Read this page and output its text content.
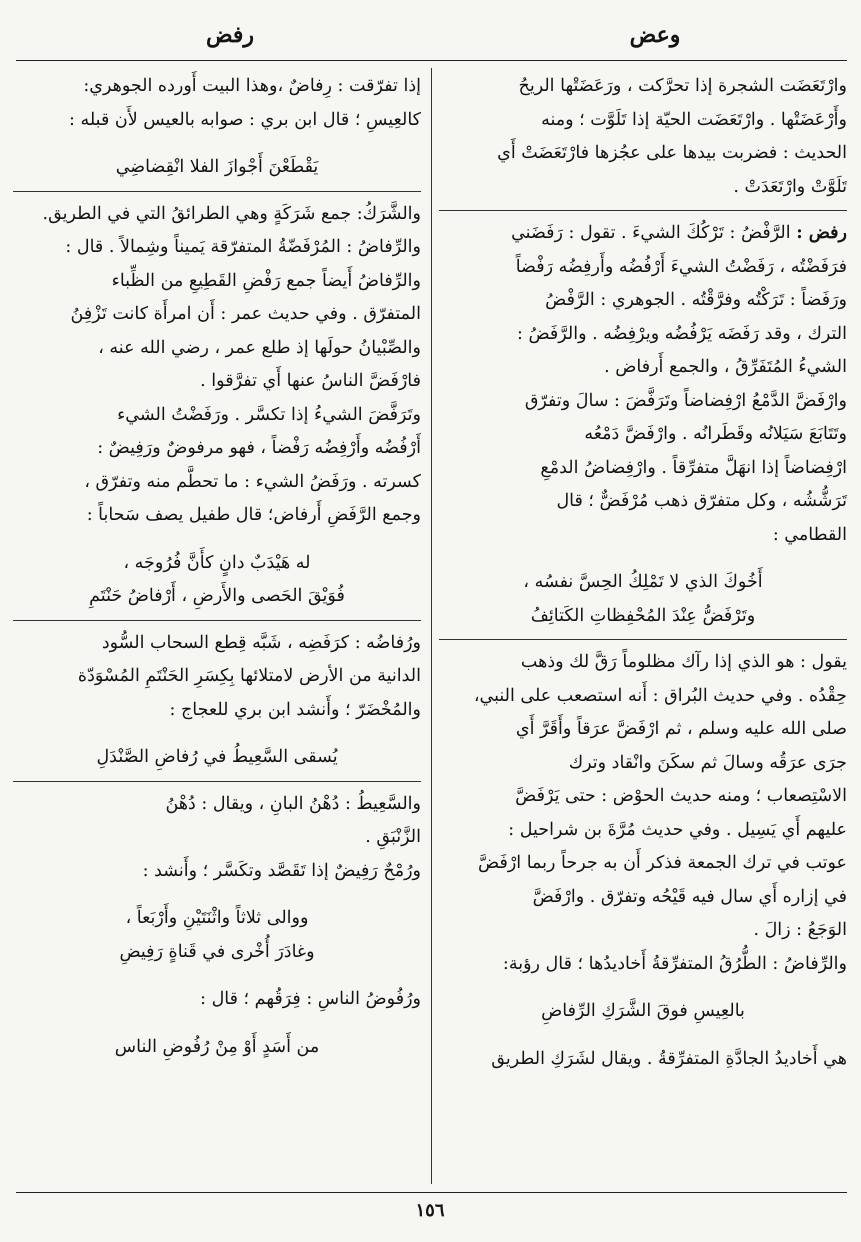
وعض
رفض

وارْتَعَضَت الشجرة إذا تحرَّكت ، ورَعَضَتْها الريحُ

وأَرْعَضَتْها . وارْتَعَضَت الحيّة إذا تَلَوَّت ؛ ومنه

الحديث : فضربت بيدها على عجُزها فارْتَعَضَتْ أَي

تَلَوَّتْ وارْتَعَدَتْ .

رفض : الرَّفْضُ : تَرْكُكَ الشيءَ . تقول : رَفَضَني

فرَفَضْتُه ، رَفَضْتُ الشيءَ أَرْفُضُه وأَرفِضُه رَفْضاً

ورَفَضاً : تَرَكْتُه وفرَّقْتُه . الجوهري : الرَّفْضُ

الترك ، وقد رَفَضَه يَرْفُضُه ويرْفِضُه . والرَّفَضُ :

الشيءُ المُتَفَرِّقُ ، والجمع أَرفاض .

وارْفَضَّ الدَّمْعُ ارْفِضاضاً وتَرَفَّضَ : سالَ وتفرّق

وتَتَابَعَ سَيَلانُه وقَطَرانُه . وارْفَضَّ دَمْعُه

ارْفِضاضاً إذا انهَلَّ متفرِّقاً . وارْفِضاضُ الدمْعِ

تَرَشُّشُه ، وكل متفرّق ذهب مُرْفَضٌّ ؛ قال

القطامي :

أَخُوكَ الذي لا تَمْلِكُ الحِسَّ نفسُه ،

وتَرْفَضُّ عِنْدَ المُحْفِظاتِ الكَتائِفُ

يقول : هو الذي إذا رآك مظلوماً رَقَّ لك وذهب

حِقْدُه . وفي حديث البُراق : أَنه استصعب على النبي،

صلى الله عليه وسلم ، ثم ارْفَضَّ عرَقاً وأَقَرَّ أَي

جرَى عرَقُه وسالَ ثم سكَنَ وانْقاد وترك

الاسْتِصعاب ؛ ومنه حديث الحوْض : حتى يَرْفَضَّ

عليهم أَي يَسِيل . وفي حديث مُرَّةَ بن شراحيل :

عوتب في ترك الجمعة فذكر أَن به جرحاً ربما ارْفَضَّ

في إزاره أَي سال فيه قَيْحُه وتفرّق . وارْفَضَّ

الوَجَعُ : زالَ .

والرِّفاضُ : الطُّرُقُ المتفرِّقةُ أَخاديدُها ؛ قال رؤبة:

بالعِيسِ فوقَ الشَّرَكِ الرِّفاضِ

هي أَخاديدُ الجادَّةِ المتفرِّقةُ . ويقال لشَرَكِ الطريق

إذا تفرّقت : رِفاضٌ ،وهذا البيت أَورده الجوهري:

كالعِيسِ ؛ قال ابن بري : صوابه بالعيس لأَن قبله :

يَقْطَعْنَ أَجْوازَ الفلا انْقِضاضِي

والشَّرَكُ: جمع شَرَكَةٍ وهي الطرائقُ التي في الطريق.

والرِّفاضُ : المُرْفَضّةُ المتفرّقة يَميناً وشِمالاً . قال :

والرِّفاضُ أَيضاً جمع رَفْضِ القَطِيعِ من الظِّباء

المتفرّق . وفي حديث عمر : أَن امرأَة كانت تَزْفِنُ

والصِّبْيانُ حولَها إذ طلع عمر ، رضي الله عنه ،

فارْفَضَّ الناسُ عنها أَي تفرَّقوا .

وتَرَفَّضَ الشيءُ إذا تكسَّر . ورَفَضْتُ الشيء

أَرْفُضُه وأَرْفِضُه رَفْضاً ، فهو مرفوضٌ ورَفِيضٌ :

كسرته . ورَفَضُ الشيء : ما تحطَّم منه وتفرّق ،

وجمع الرَّفَضِ أَرفاض؛ قال طفيل يصف سَحاباً :

له هَيْدَبٌ دانٍ كأَنَّ فُرُوجَه ،

فُوَيْقَ الحَصى والأَرضِ ، أَرْفاضُ حَنْتَمِ

ورُفاضُه : كرَفَضِه ، شَبَّه قِطع السحاب السُّود

الدانية من الأرض لامتلائها بِكِسَرِ الحَنْتَمِ المُسْوَدّة

والمُخْضَرّ ؛ وأَنشد ابن بري للعجاج :

يُسقى السَّعِيطُ في رُفاضِ الصَّنْدَلِ

والسَّعِيطُ : دُهْنُ البانِ ، ويقال : دُهْنُ

الزَّنْبَقِ .

ورُمْحٌ رَفِيضٌ إذا تَقَصَّد وتكَسَّر ؛ وأَنشد :

ووالى ثلاثاً واثْنَتَيْنِ وأَرْبَعاً ،

وغادَرَ أُخْرى في قَناةٍ رَفِيضِ

ورُفُوضُ الناسِ : فِرَقُهم ؛ قال :

من أَسَدٍ أَوْ مِنْ رُفُوضِ الناس

١٥٦
